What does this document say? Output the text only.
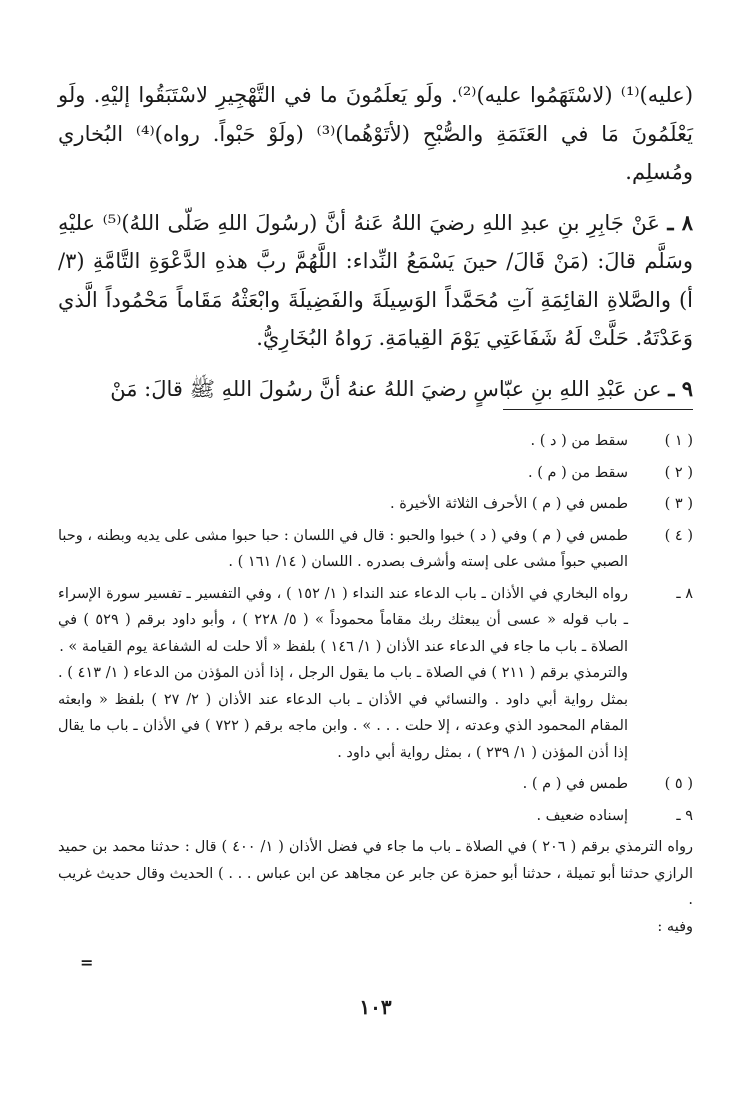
(عليه)⁽¹⁾ (لاسْتَهَمُوا عليه)⁽²⁾. ولَو يَعلَمُونَ ما في التَّهْجِيرِ لاسْتَبَقُوا إليْهِ. ولَو يَعْلَمُونَ مَا في العَتَمَةِ والصُّبْحِ (لأتَوْهُما)⁽³⁾ (ولَوْ حَبْواً. رواه)⁽⁴⁾ البُخاري ومُسلِم.

٨ ـ عَنْ جَابِرِ بنِ عبدِ اللهِ رضيَ اللهُ عَنهُ أنَّ (رسُولَ اللهِ صَلّى اللهُ)⁽⁵⁾ عليْهِ وسَلَّم قالَ: (مَنْ قَالَ/ حينَ يَسْمَعُ النِّداء: اللَّهُمَّ ربَّ هذهِ الدَّعْوَةِ التَّامَّةِ (٣/ أ) والصَّلاةِ القائِمَةِ آتِ مُحَمَّداً الوَسِيلَةَ والفَضِيلَةَ وابْعَثْهُ مَقَاماً مَحْمُوداً الَّذي وَعَدْتَهُ. حَلَّتْ لَهُ شَفَاعَتِي يَوْمَ القِيامَةِ. رَواهُ البُخَارِيُّ.

٩ ـ عن عَبْدِ اللهِ بنِ عبّاسٍ رضيَ اللهُ عنهُ أنَّ رسُولَ اللهِ ﷺ قالَ: مَنْ

( ١ )

سقط من ( د ) .

( ٢ )

سقط من ( م ) .

( ٣ )

طمس في ( م ) الأحرف الثلاثة الأخيرة .

( ٤ )

طمس في ( م ) وفي ( د ) خبوا والحبو : قال في اللسان : حبا حبوا مشى على يديه وبطنه ، وحبا الصبي حبواً مشى على إسته وأشرف بصدره . اللسان ( ١٤/ ١٦١ ) .

٨ ـ

رواه البخاري في الأذان ـ باب الدعاء عند النداء ( ١/ ١٥٢ ) ، وفي التفسير ـ تفسير سورة الإسراء ـ باب قوله « عسى أن يبعثك ربك مقاماً محموداً » ( ٥/ ٢٢٨ ) ، وأبو داود برقم ( ٥٢٩ ) في الصلاة ـ باب ما جاء في الدعاء عند الأذان ( ١/ ١٤٦ ) بلفظ « ألا حلت له الشفاعة يوم القيامة » .

والترمذي برقم ( ٢١١ ) في الصلاة ـ باب ما يقول الرجل ، إذا أذن المؤذن من الدعاء ( ١/ ٤١٣ ) . بمثل رواية أبي داود . والنسائي في الأذان ـ باب الدعاء عند الأذان ( ٢/ ٢٧ ) بلفظ « وابعثه المقام المحمود الذي وعدته ، إلا حلت . . . » . وابن ماجه برقم ( ٧٢٢ ) في الأذان ـ باب ما يقال إذا أذن المؤذن ( ١/ ٢٣٩ ) ، بمثل رواية أبي داود .

( ٥ )

طمس في ( م ) .

٩ ـ

إسناده ضعيف .

رواه الترمذي برقم ( ٢٠٦ ) في الصلاة ـ باب ما جاء في فضل الأذان ( ١/ ٤٠٠ ) قال : حدثنا محمد بن حميد الرازي حدثنا أبو تميلة ، حدثنا أبو حمزة عن جابر عن مجاهد عن ابن عباس . . . ) الحديث وقال حديث غريب .

وفيه :

=
١٠٣
